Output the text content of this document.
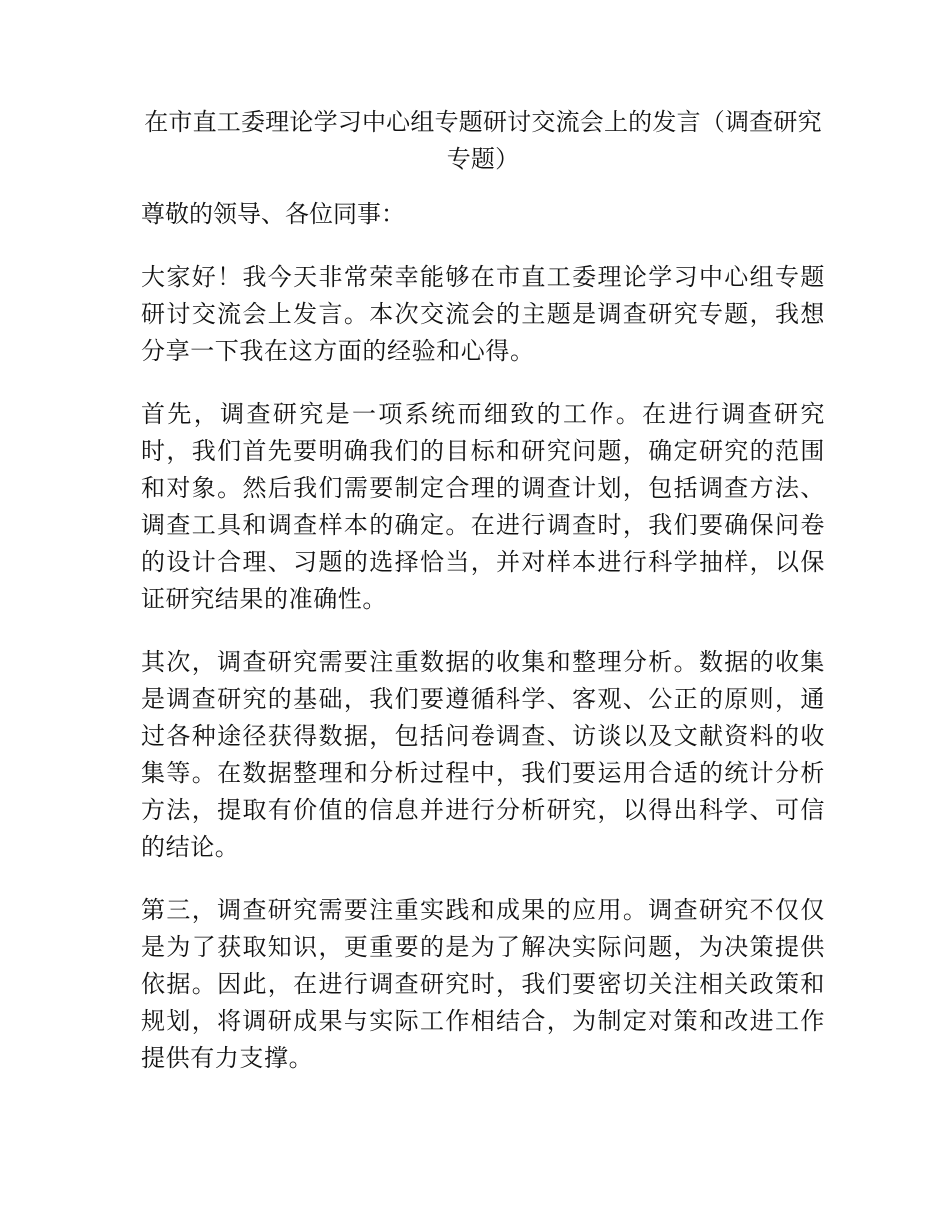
在市直工委理论学习中心组专题研讨交流会上的发言（调查研究专题）

尊敬的领导、各位同事：

大家好！我今天非常荣幸能够在市直工委理论学习中心组专题研讨交流会上发言。本次交流会的主题是调查研究专题，我想分享一下我在这方面的经验和心得。

首先，调查研究是一项系统而细致的工作。在进行调查研究时，我们首先要明确我们的目标和研究问题，确定研究的范围和对象。然后我们需要制定合理的调查计划，包括调查方法、调查工具和调查样本的确定。在进行调查时，我们要确保问卷的设计合理、习题的选择恰当，并对样本进行科学抽样，以保证研究结果的准确性。

其次，调查研究需要注重数据的收集和整理分析。数据的收集是调查研究的基础，我们要遵循科学、客观、公正的原则，通过各种途径获得数据，包括问卷调查、访谈以及文献资料的收集等。在数据整理和分析过程中，我们要运用合适的统计分析方法，提取有价值的信息并进行分析研究，以得出科学、可信的结论。

第三，调查研究需要注重实践和成果的应用。调查研究不仅仅是为了获取知识，更重要的是为了解决实际问题，为决策提供依据。因此，在进行调查研究时，我们要密切关注相关政策和规划，将调研成果与实际工作相结合，为制定对策和改进工作提供有力支撑。
